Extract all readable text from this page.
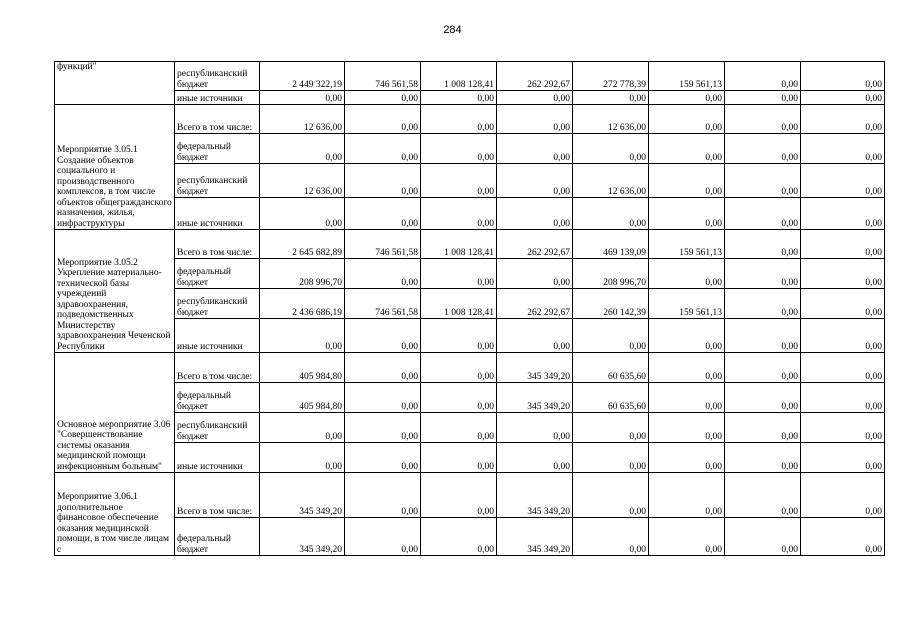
284
функций"	республиканский бюджет	2 449 322,19	746 561,58	1 008 128,41	262 292,67	272 778,39	159 561,13	0,00	0,00
	иные источники	0,00	0,00	0,00	0,00	0,00	0,00	0,00	0,00
Мероприятие 3.05.1 Создание объектов социального и производственного комплексов, в том числе объектов общегражданского назначения, жилья, инфраструктуры	Всего в том числе:	12 636,00	0,00	0,00	0,00	12 636,00	0,00	0,00	0,00
	федеральный бюджет	0,00	0,00	0,00	0,00	0,00	0,00	0,00	0,00
	республиканский бюджет	12 636,00	0,00	0,00	0,00	12 636,00	0,00	0,00	0,00
	иные источники	0,00	0,00	0,00	0,00	0,00	0,00	0,00	0,00
Мероприятие 3.05.2 Укрепление материально-технической базы учреждений здравоохранения, подведомственных Министерству здравоохранения Чеченской Республики	Всего в том числе:	2 645 682,89	746 561,58	1 008 128,41	262 292,67	469 139,09	159 561,13	0,00	0,00
	федеральный бюджет	208 996,70	0,00	0,00	0,00	208 996,70	0,00	0,00	0,00
	республиканский бюджет	2 436 686,19	746 561,58	1 008 128,41	262 292,67	260 142,39	159 561,13	0,00	0,00
	иные источники	0,00	0,00	0,00	0,00	0,00	0,00	0,00	0,00
Основное мероприятие 3.06 "Совершенствование системы оказания медицинской помощи инфекционным больным"	Всего в том числе:	405 984,80	0,00	0,00	345 349,20	60 635,60	0,00	0,00	0,00
	федеральный бюджет	405 984,80	0,00	0,00	345 349,20	60 635,60	0,00	0,00	0,00
	республиканский бюджет	0,00	0,00	0,00	0,00	0,00	0,00	0,00	0,00
	иные источники	0,00	0,00	0,00	0,00	0,00	0,00	0,00	0,00
Мероприятие 3.06.1 дополнительное финансовое обеспечение оказания медицинской помощи, в том числе лицам с	Всего в том числе:	345 349,20	0,00	0,00	345 349,20	0,00	0,00	0,00	0,00
	федеральный бюджет	345 349,20	0,00	0,00	345 349,20	0,00	0,00	0,00	0,00
